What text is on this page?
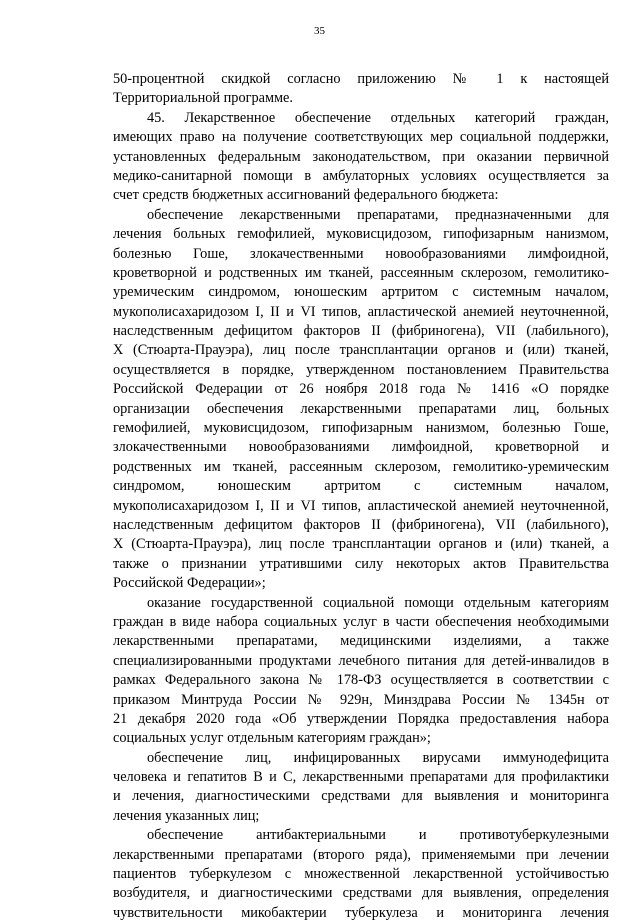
35
50-процентной скидкой согласно приложению № 1 к настоящей
Территориальной программе.
45. Лекарственное обеспечение отдельных категорий граждан,
имеющих право на получение соответствующих мер социальной поддержки,
установленных федеральным законодательством, при оказании первичной
медико-санитарной помощи в амбулаторных условиях осуществляется за
счет средств бюджетных ассигнований федерального бюджета:
обеспечение лекарственными препаратами, предназначенными для
лечения больных гемофилией, муковисцидозом, гипофизарным нанизмом,
болезнью Гоше, злокачественными новообразованиями лимфоидной,
кроветворной и родственных им тканей, рассеянным склерозом, гемолитико-
уремическим синдромом, юношеским артритом с системным началом,
мукополисахаридозом I, II и VI типов, апластической анемией неуточненной,
наследственным дефицитом факторов II (фибриногена), VII (лабильного),
X (Стюарта-Прауэра), лиц после трансплантации органов и (или) тканей,
осуществляется в порядке, утвержденном постановлением Правительства
Российской Федерации от 26 ноября 2018 года № 1416 «О порядке
организации обеспечения лекарственными препаратами лиц, больных
гемофилией, муковисцидозом, гипофизарным нанизмом, болезнью Гоше,
злокачественными новообразованиями лимфоидной, кроветворной и
родственных им тканей, рассеянным склерозом, гемолитико-уремическим
синдромом, юношеским артритом с системным началом,
мукополисахаридозом I, II и VI типов, апластической анемией неуточненной,
наследственным дефицитом факторов II (фибриногена), VII (лабильного),
X (Стюарта-Прауэра), лиц после трансплантации органов и (или) тканей, а
также о признании утратившими силу некоторых актов Правительства
Российской Федерации»;
оказание государственной социальной помощи отдельным категориям
граждан в виде набора социальных услуг в части обеспечения необходимыми
лекарственными препаратами, медицинскими изделиями, а также
специализированными продуктами лечебного питания для детей-инвалидов в
рамках Федерального закона № 178-ФЗ осуществляется в соответствии с
приказом Минтруда России № 929н, Минздрава России № 1345н от
21 декабря 2020 года «Об утверждении Порядка предоставления набора
социальных услуг отдельным категориям граждан»;
обеспечение лиц, инфицированных вирусами иммунодефицита
человека и гепатитов B и C, лекарственными препаратами для профилактики
и лечения, диагностическими средствами для выявления и мониторинга
лечения указанных лиц;
обеспечение антибактериальными и противотуберкулезными
лекарственными препаратами (второго ряда), применяемыми при лечении
пациентов туберкулезом с множественной лекарственной устойчивостью
возбудителя, и диагностическими средствами для выявления, определения
чувствительности микобактерии туберкулеза и мониторинга лечения
